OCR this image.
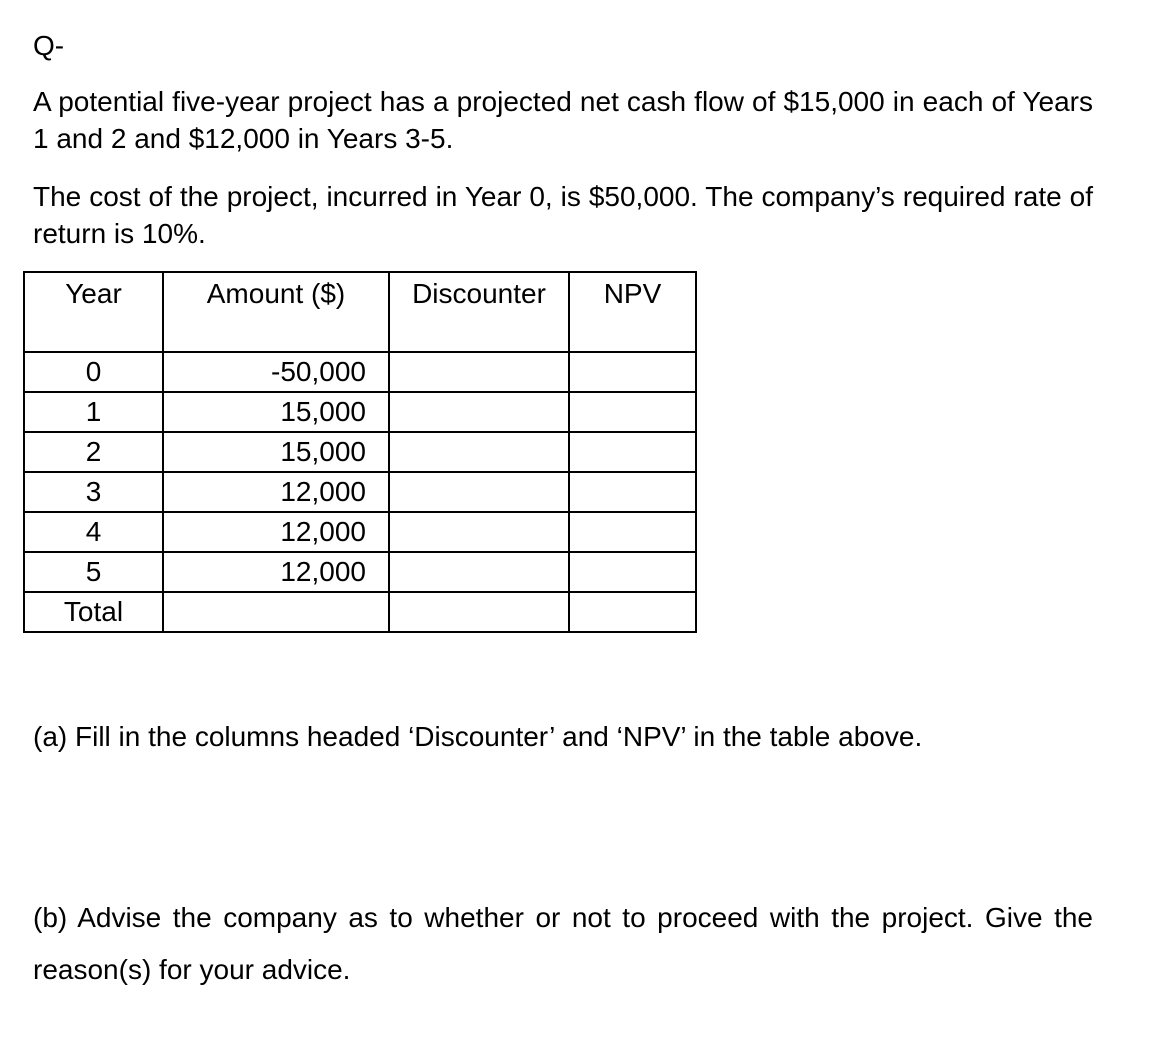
Q-
A potential five-year project has a projected net cash flow of $15,000 in each of Years 1 and 2 and $12,000 in Years 3-5.
The cost of the project, incurred in Year 0, is $50,000. The company’s required rate of return is 10%.
Year	Amount ($)	Discounter	NPV
0	-50,000		
1	15,000		
2	15,000		
3	12,000		
4	12,000		
5	12,000		
Total			
(a) Fill in the columns headed ‘Discounter’ and ‘NPV’ in the table above.
(b) Advise the company as to whether or not to proceed with the project. Give the reason(s) for your advice.
